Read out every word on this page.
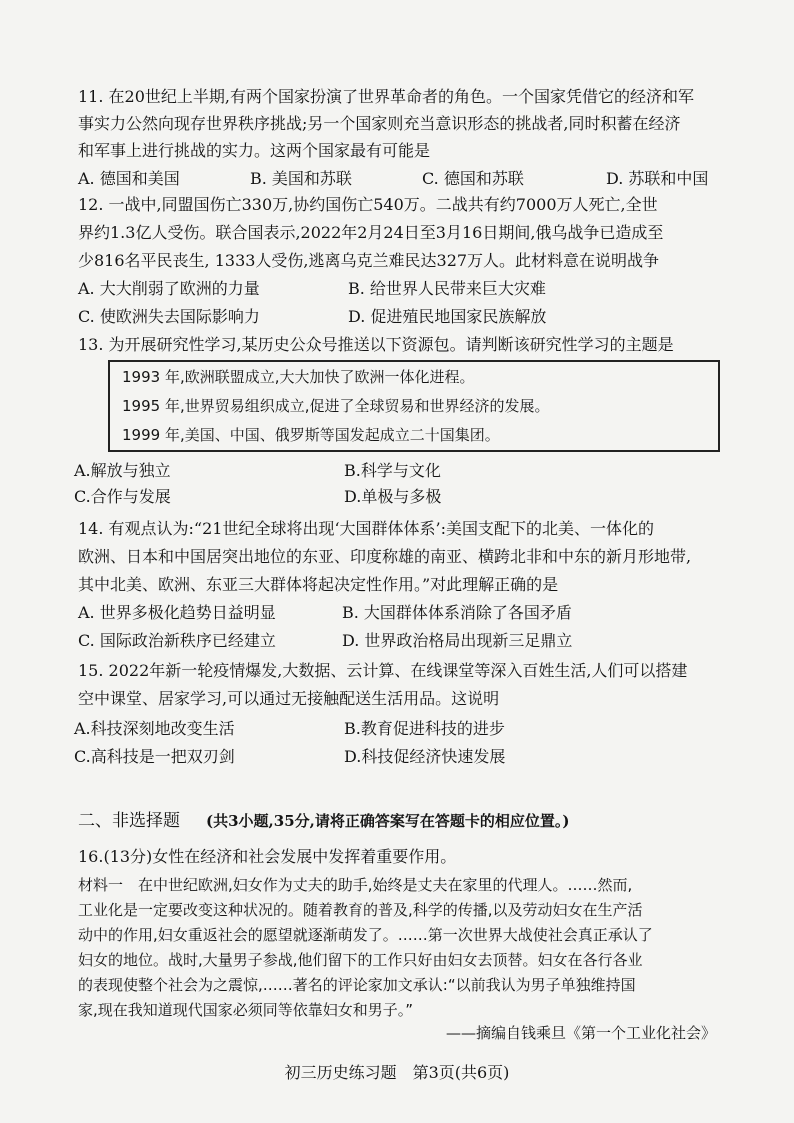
11. 在20世纪上半期,有两个国家扮演了世界革命者的角色。一个国家凭借它的经济和军
事实力公然向现存世界秩序挑战;另一个国家则充当意识形态的挑战者,同时积蓄在经济
和军事上进行挑战的实力。这两个国家最有可能是
A. 德国和美国	B. 美国和苏联	C. 德国和苏联	D. 苏联和中国
12. 一战中,同盟国伤亡330万,协约国伤亡540万。二战共有约7000万人死亡,全世
界约1.3亿人受伤。联合国表示,2022年2月24日至3月16日期间,俄乌战争已造成至
少816名平民丧生, 1333人受伤,逃离乌克兰难民达327万人。此材料意在说明战争
A. 大大削弱了欧洲的力量	B. 给世界人民带来巨大灾难
C. 使欧洲失去国际影响力	D. 促进殖民地国家民族解放
13. 为开展研究性学习,某历史公众号推送以下资源包。请判断该研究性学习的主题是
1993 年,欧洲联盟成立,大大加快了欧洲一体化进程。
1995 年,世界贸易组织成立,促进了全球贸易和世界经济的发展。
1999 年,美国、中国、俄罗斯等国发起成立二十国集团。
A.解放与独立	B.科学与文化
C.合作与发展	D.单极与多极
14. 有观点认为:“21世纪全球将出现‘大国群体体系’:美国支配下的北美、一体化的
欧洲、日本和中国居突出地位的东亚、印度称雄的南亚、横跨北非和中东的新月形地带,
其中北美、欧洲、东亚三大群体将起决定性作用。”对此理解正确的是
A. 世界多极化趋势日益明显	B. 大国群体体系消除了各国矛盾
C. 国际政治新秩序已经建立	D. 世界政治格局出现新三足鼎立
15. 2022年新一轮疫情爆发,大数据、云计算、在线课堂等深入百姓生活,人们可以搭建
空中课堂、居家学习,可以通过无接触配送生活用品。这说明
A.科技深刻地改变生活	B.教育促进科技的进步
C.高科技是一把双刃剑	D.科技促经济快速发展
二、非选择题 (共3小题,35分,请将正确答案写在答题卡的相应位置。)
16.(13分)女性在经济和社会发展中发挥着重要作用。
材料一　在中世纪欧洲,妇女作为丈夫的助手,始终是丈夫在家里的代理人。……然而,
工业化是一定要改变这种状况的。随着教育的普及,科学的传播,以及劳动妇女在生产活
动中的作用,妇女重返社会的愿望就逐渐萌发了。……第一次世界大战使社会真正承认了
妇女的地位。战时,大量男子参战,他们留下的工作只好由妇女去顶替。妇女在各行各业
的表现使整个社会为之震惊,……著名的评论家加文承认:“以前我认为男子单独维持国
家,现在我知道现代国家必须同等依靠妇女和男子。”
——摘编自钱乘旦《第一个工业化社会》
初三历史练习题　第3页(共6页)
